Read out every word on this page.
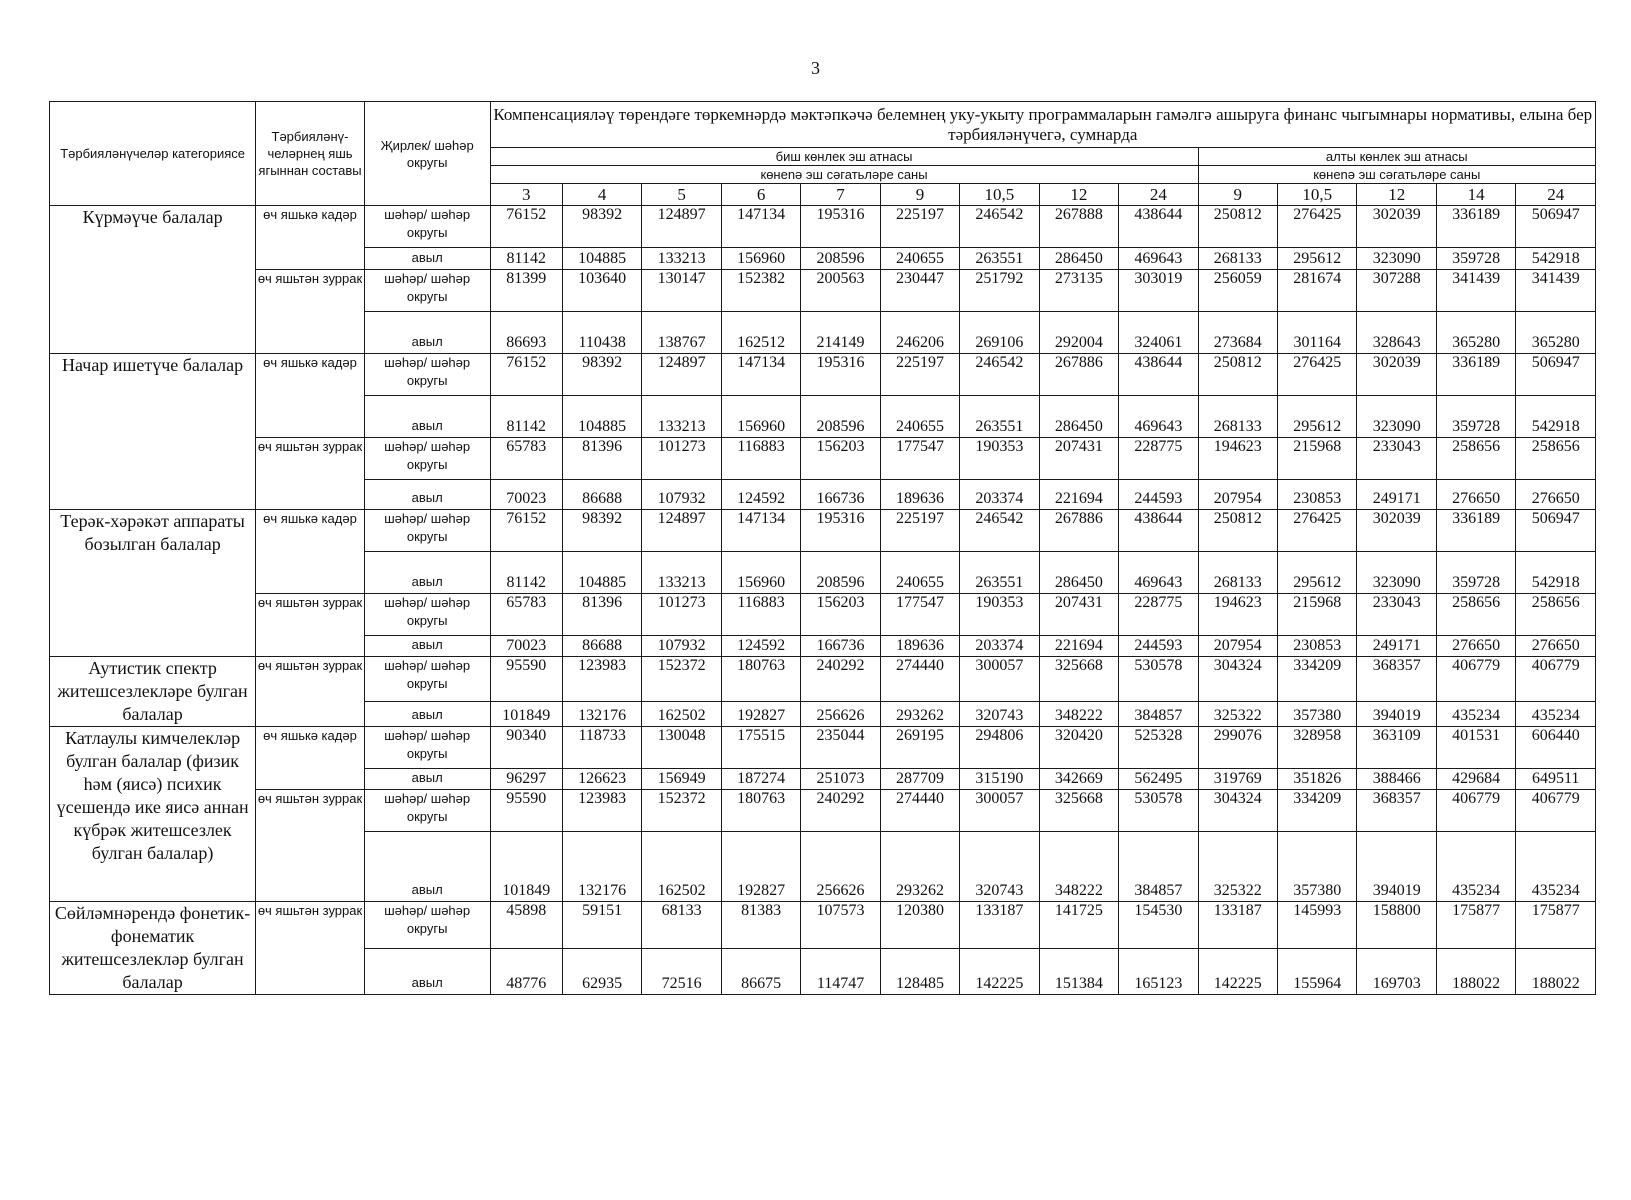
3
Тәрбияләнүчеләр категориясе	Тәрбияләнү-челәрнең яшь ягыннан составы	Җирлек/ шәһәр округы	Компенсацияләү төрендәге төркемнәрдә мәктәпкәчә белемнең уку-укыту программаларын гамәлгә ашыруга финанс чыгымнары нормативы, елына бер тәрбияләнүчегә, сумнарда													
			биш көнлек эш атнасы									алты көнлек эш атнасы				
			көнenә эш сәгатьләре саны									көнenә эш сәгатьләре саны				
			3	4	5	6	7	9	10,5	12	24	9	10,5	12	14	24
Күрмәүче балалар	өч яшькә кадәр	шәһәр/ шәһәр округы	76152	98392	124897	147134	195316	225197	246542	267888	438644	250812	276425	302039	336189	506947
		авыл	81142	104885	133213	156960	208596	240655	263551	286450	469643	268133	295612	323090	359728	542918
	өч яшьтән зуррак	шәһәр/ шәһәр округы	81399	103640	130147	152382	200563	230447	251792	273135	303019	256059	281674	307288	341439	341439
		авыл	86693	110438	138767	162512	214149	246206	269106	292004	324061	273684	301164	328643	365280	365280
Начар ишетүче балалар	өч яшькә кадәр	шәһәр/ шәһәр округы	76152	98392	124897	147134	195316	225197	246542	267886	438644	250812	276425	302039	336189	506947
		авыл	81142	104885	133213	156960	208596	240655	263551	286450	469643	268133	295612	323090	359728	542918
	өч яшьтән зуррак	шәһәр/ шәһәр округы	65783	81396	101273	116883	156203	177547	190353	207431	228775	194623	215968	233043	258656	258656
		авыл	70023	86688	107932	124592	166736	189636	203374	221694	244593	207954	230853	249171	276650	276650
Терәк-хәрәкәт аппараты бозылган балалар	өч яшькә кадәр	шәһәр/ шәһәр округы	76152	98392	124897	147134	195316	225197	246542	267886	438644	250812	276425	302039	336189	506947
		авыл	81142	104885	133213	156960	208596	240655	263551	286450	469643	268133	295612	323090	359728	542918
	өч яшьтән зуррак	шәһәр/ шәһәр округы	65783	81396	101273	116883	156203	177547	190353	207431	228775	194623	215968	233043	258656	258656
		авыл	70023	86688	107932	124592	166736	189636	203374	221694	244593	207954	230853	249171	276650	276650
Аутистик спектр житешсезлекләре булган балалар	өч яшьтән зуррак	шәһәр/ шәһәр округы	95590	123983	152372	180763	240292	274440	300057	325668	530578	304324	334209	368357	406779	406779
		авыл	101849	132176	162502	192827	256626	293262	320743	348222	384857	325322	357380	394019	435234	435234
Катлаулы кимчелекләр булган балалар (физик һәм (яисә) психик үсешендә ике яисә аннан күбрәк житешсезлек булган балалар)	өч яшькә кадәр	шәһәр/ шәһәр округы	90340	118733	130048	175515	235044	269195	294806	320420	525328	299076	328958	363109	401531	606440
		авыл	96297	126623	156949	187274	251073	287709	315190	342669	562495	319769	351826	388466	429684	649511
	өч яшьтән зуррак	шәһәр/ шәһәр округы	95590	123983	152372	180763	240292	274440	300057	325668	530578	304324	334209	368357	406779	406779
		авыл	101849	132176	162502	192827	256626	293262	320743	348222	384857	325322	357380	394019	435234	435234
Сөйләмнәрендә фонетик-фонематик житешсезлекләр булган балалар	өч яшьтән зуррак	шәһәр/ шәһәр округы	45898	59151	68133	81383	107573	120380	133187	141725	154530	133187	145993	158800	175877	175877
		авыл	48776	62935	72516	86675	114747	128485	142225	151384	165123	142225	155964	169703	188022	188022
